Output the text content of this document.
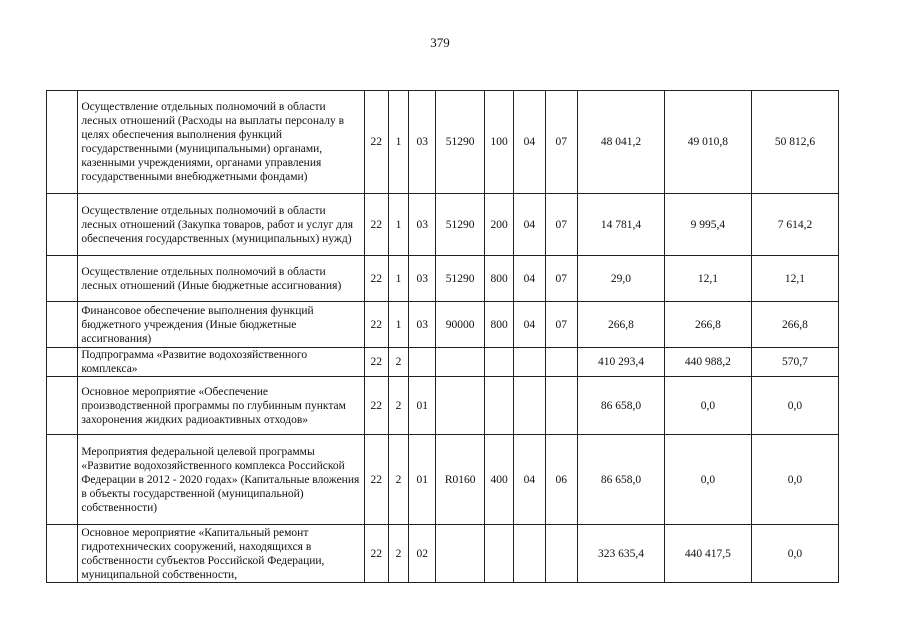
379
	Осуществление отдельных полномочий в области лесных отношений (Расходы на выплаты персоналу в целях обеспечения выполнения функций государственными (муниципальными) органами, казенными учреждениями, органами управления государственными внебюджетными фондами)	22	1	03	51290	100	04	07	48 041,2	49 010,8	50 812,6
	Осуществление отдельных полномочий в области лесных отношений (Закупка товаров, работ и услуг для обеспечения государственных (муниципальных) нужд)	22	1	03	51290	200	04	07	14 781,4	9 995,4	7 614,2
	Осуществление отдельных полномочий в области лесных отношений (Иные бюджетные ассигнования)	22	1	03	51290	800	04	07	29,0	12,1	12,1
	Финансовое обеспечение выполнения функций бюджетного учреждения (Иные бюджетные ассигнования)	22	1	03	90000	800	04	07	266,8	266,8	266,8
	Подпрограмма «Развитие водохозяйственного комплекса»	22	2						410 293,4	440 988,2	570,7
	Основное мероприятие «Обеспечение производственной программы по глубинным пунктам захоронения жидких радиоактивных отходов»	22	2	01					86 658,0	0,0	0,0
	Мероприятия федеральной целевой программы «Развитие водохозяйственного комплекса Российской Федерации в 2012 - 2020 годах» (Капитальные вложения в объекты государственной (муниципальной) собственности)	22	2	01	R0160	400	04	06	86 658,0	0,0	0,0
	Основное мероприятие «Капитальный ремонт гидротехнических сооружений, находящихся в собственности субъектов Российской Федерации, муниципальной собственности,	22	2	02					323 635,4	440 417,5	0,0
